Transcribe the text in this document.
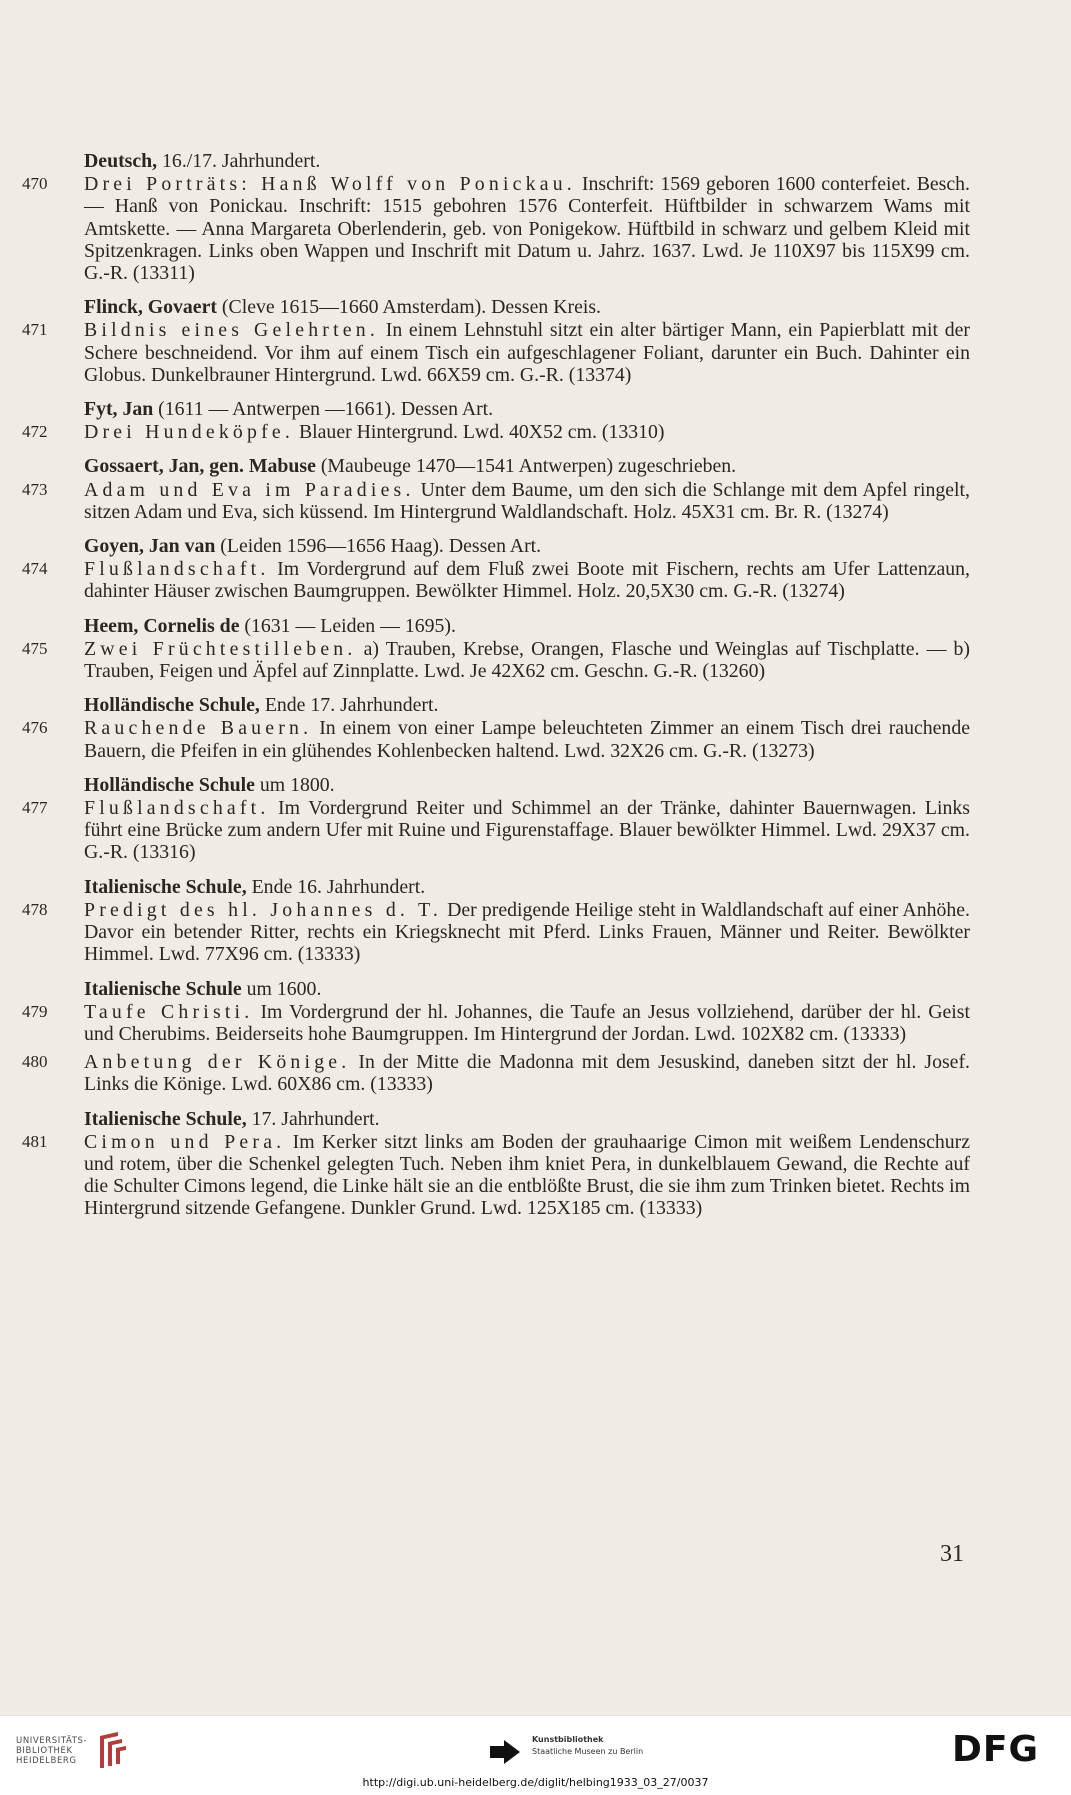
Deutsch, 16./17. Jahrhundert.
470	Drei Porträts: Hanß Wolff von Ponickau. Inschrift: 1569 geboren 1600 conterfeiet. Besch. — Hanß von Ponickau. Inschrift: 1515 gebohren 1576 Conterfeit. Hüftbilder in schwarzem Wams mit Amtskette. — Anna Margareta Oberlenderin, geb. von Ponigekow. Hüftbild in schwarz und gelbem Kleid mit Spitzenkragen. Links oben Wappen und Inschrift mit Datum u. Jahrz. 1637. Lwd. Je 110X97 bis 115X99 cm. G.-R. (13311)
Flinck, Govaert (Cleve 1615—1660 Amsterdam). Dessen Kreis.
471	Bildnis eines Gelehrten. In einem Lehnstuhl sitzt ein alter bärtiger Mann, ein Papierblatt mit der Schere beschneidend. Vor ihm auf einem Tisch ein aufgeschlagener Foliant, darunter ein Buch. Dahinter ein Globus. Dunkelbrauner Hintergrund. Lwd. 66X59 cm. G.-R. (13374)
Fyt, Jan (1611 — Antwerpen —1661). Dessen Art.
472	Drei Hundeköpfe. Blauer Hintergrund. Lwd. 40X52 cm. (13310)
Gossaert, Jan, gen. Mabuse (Maubeuge 1470—1541 Antwerpen) zugeschrieben.
473	Adam und Eva im Paradies. Unter dem Baume, um den sich die Schlange mit dem Apfel ringelt, sitzen Adam und Eva, sich küssend. Im Hintergrund Waldlandschaft. Holz. 45X31 cm. Br. R. (13274)
Goyen, Jan van (Leiden 1596—1656 Haag). Dessen Art.
474	Flußlandschaft. Im Vordergrund auf dem Fluß zwei Boote mit Fischern, rechts am Ufer Lattenzaun, dahinter Häuser zwischen Baumgruppen. Bewölkter Himmel. Holz. 20,5X30 cm. G.-R. (13274)
Heem, Cornelis de (1631 — Leiden — 1695).
475	Zwei Früchtestilleben. a) Trauben, Krebse, Orangen, Flasche und Weinglas auf Tischplatte. — b) Trauben, Feigen und Äpfel auf Zinnplatte. Lwd. Je 42X62 cm. Geschn. G.-R. (13260)
Holländische Schule, Ende 17. Jahrhundert.
476	Rauchende Bauern. In einem von einer Lampe beleuchteten Zimmer an einem Tisch drei rauchende Bauern, die Pfeifen in ein glühendes Kohlenbecken haltend. Lwd. 32X26 cm. G.-R. (13273)
Holländische Schule um 1800.
477	Flußlandschaft. Im Vordergrund Reiter und Schimmel an der Tränke, dahinter Bauernwagen. Links führt eine Brücke zum andern Ufer mit Ruine und Figurenstaffage. Blauer bewölkter Himmel. Lwd. 29X37 cm. G.-R. (13316)
Italienische Schule, Ende 16. Jahrhundert.
478	Predigt des hl. Johannes d. T. Der predigende Heilige steht in Waldlandschaft auf einer Anhöhe. Davor ein betender Ritter, rechts ein Kriegsknecht mit Pferd. Links Frauen, Männer und Reiter. Bewölkter Himmel. Lwd. 77X96 cm. (13333)
Italienische Schule um 1600.
479	Taufe Christi. Im Vordergrund der hl. Johannes, die Taufe an Jesus vollziehend, darüber der hl. Geist und Cherubims. Beiderseits hohe Baumgruppen. Im Hintergrund der Jordan. Lwd. 102X82 cm. (13333)
480	Anbetung der Könige. In der Mitte die Madonna mit dem Jesuskind, daneben sitzt der hl. Josef. Links die Könige. Lwd. 60X86 cm. (13333)
Italienische Schule, 17. Jahrhundert.
481	Cimon und Pera. Im Kerker sitzt links am Boden der grauhaarige Cimon mit weißem Lendenschurz und rotem, über die Schenkel gelegten Tuch. Neben ihm kniet Pera, in dunkelblauem Gewand, die Rechte auf die Schulter Cimons legend, die Linke hält sie an die entblößte Brust, die sie ihm zum Trinken bietet. Rechts im Hintergrund sitzende Gefangene. Dunkler Grund. Lwd. 125X185 cm. (13333)
31
UNIVERSITÄTS-
BIBLIOTHEK
HEIDELBERG
Kunstbibliothek
Staatliche Museen zu Berlin	DFG
http://digi.ub.uni-heidelberg.de/diglit/helbing1933_03_27/0037
